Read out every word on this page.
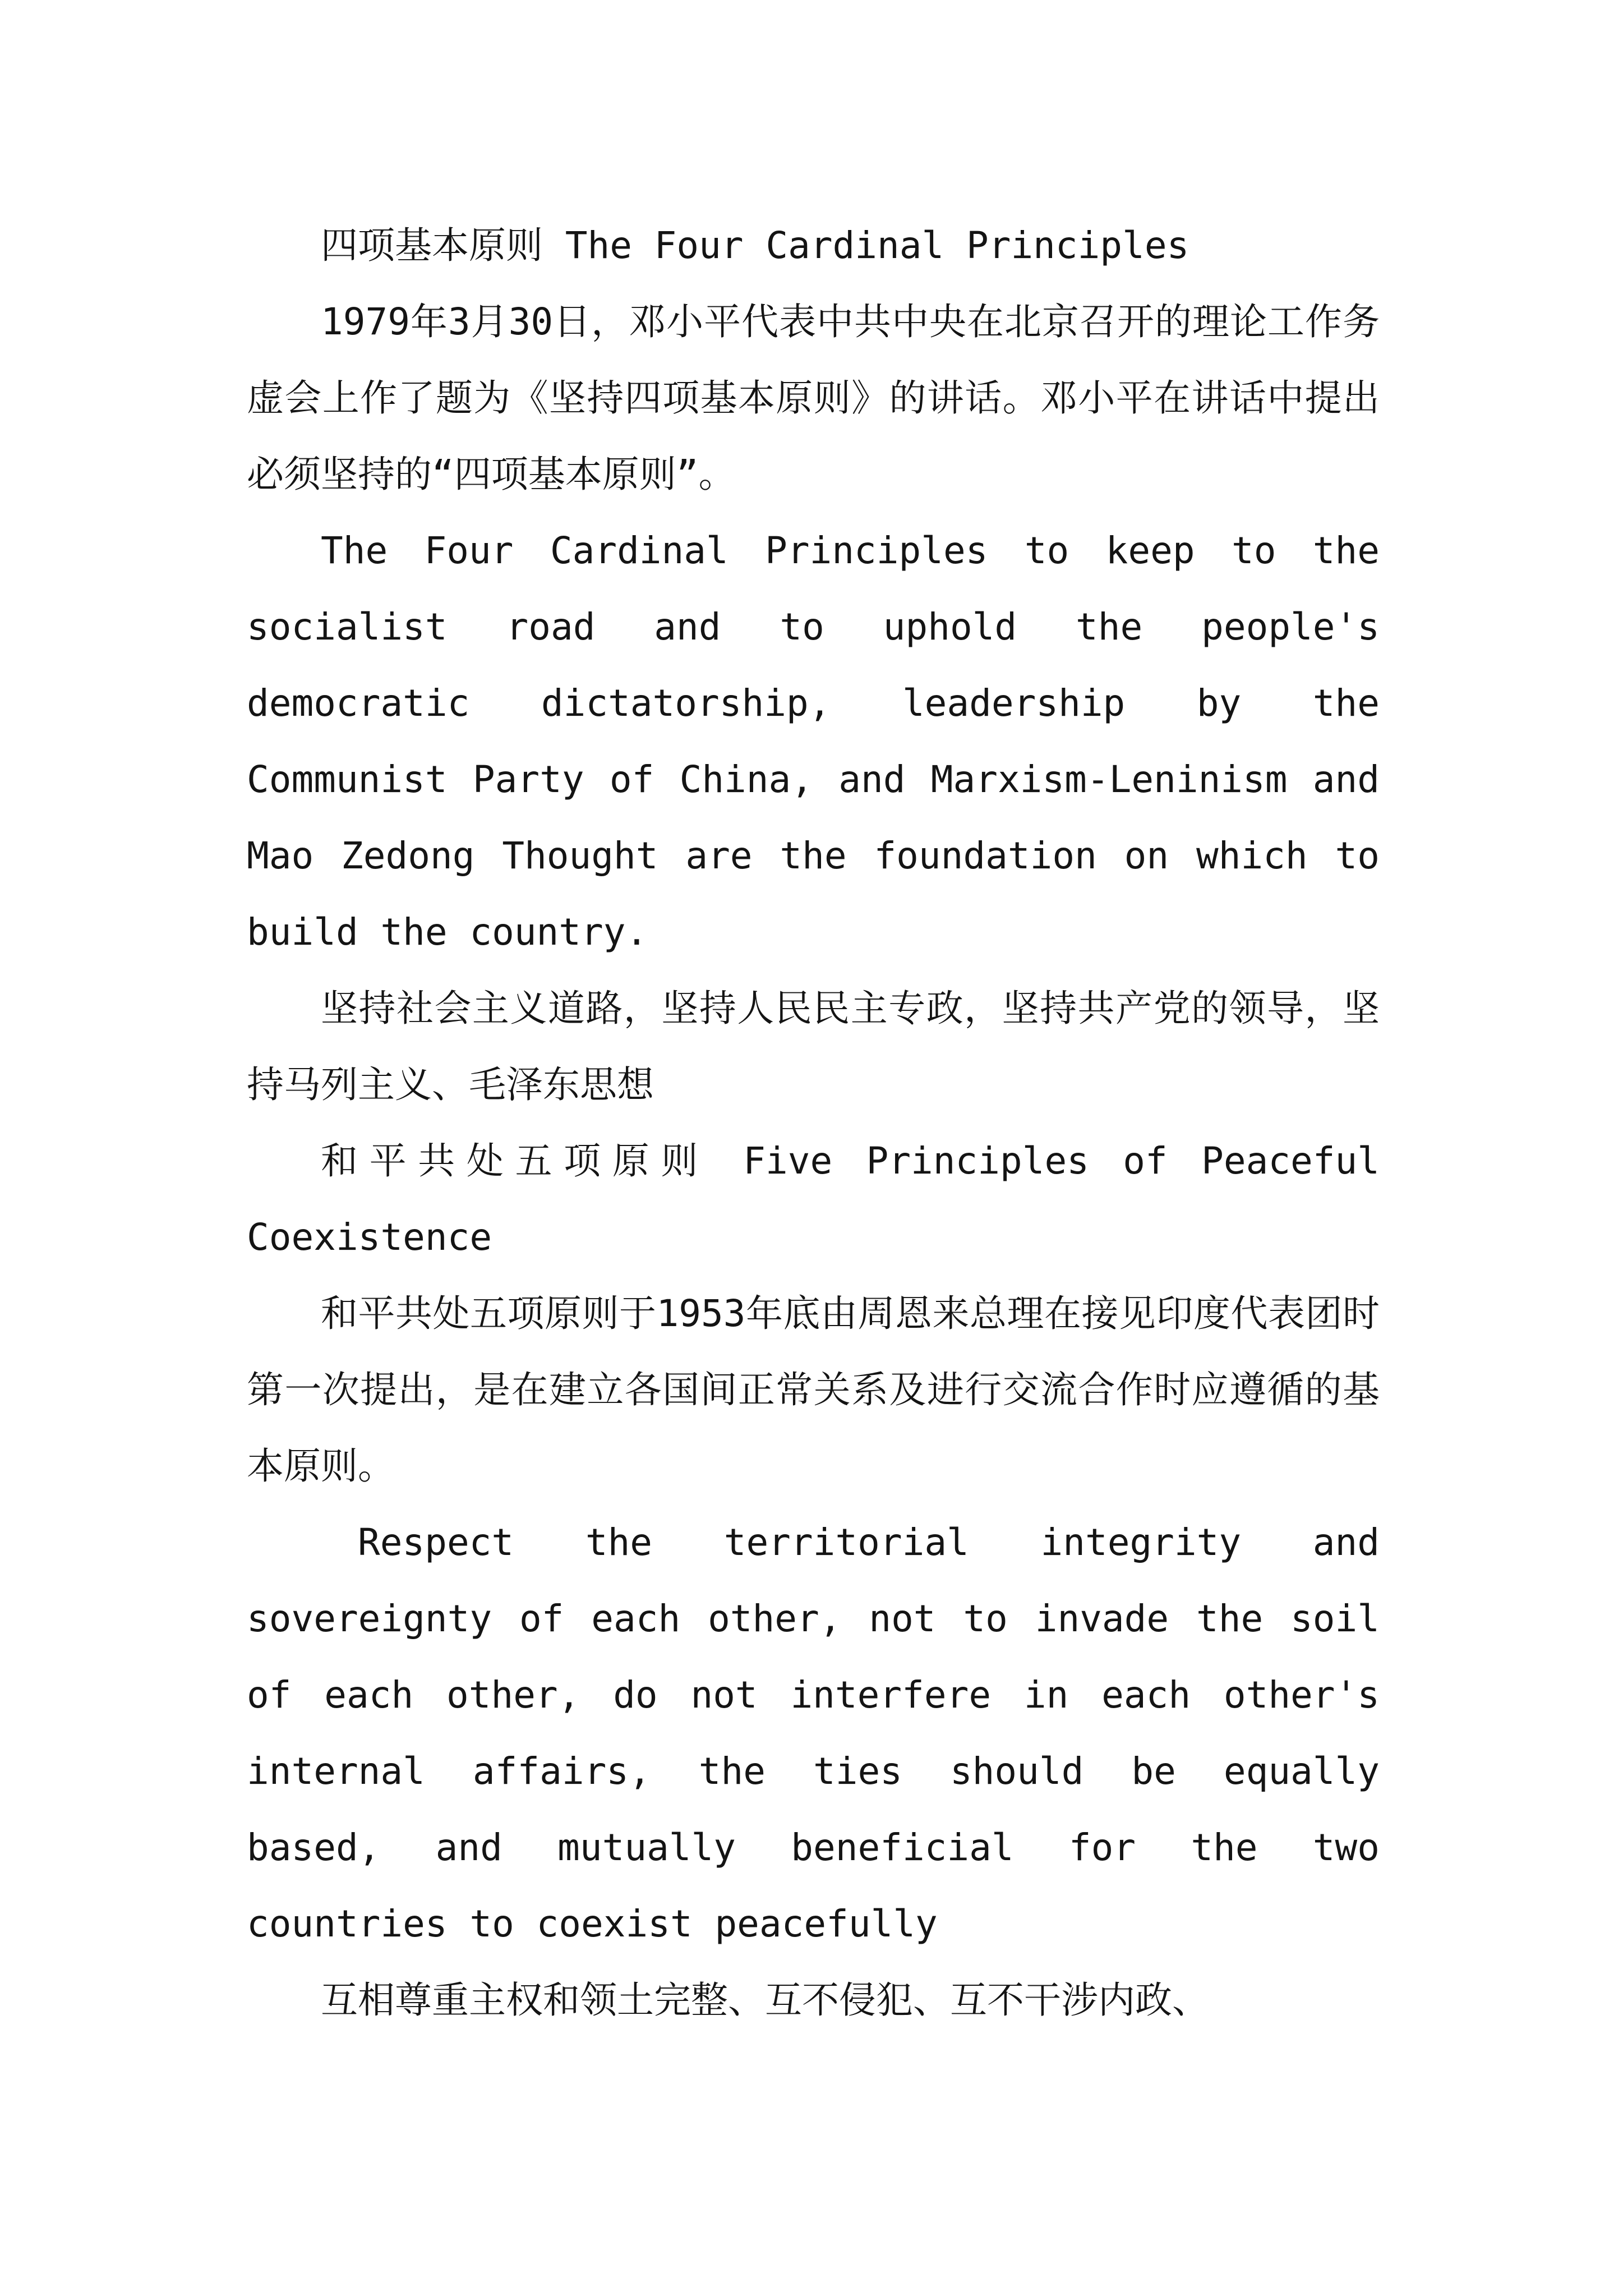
四项基本原则 The Four Cardinal Principles

1979年3月30日，邓小平代表中共中央在北京召开的理论工作务虚会上作了题为《坚持四项基本原则》的讲话。邓小平在讲话中提出必须坚持的“四项基本原则”。

The Four Cardinal Principles to keep to the socialist road and to uphold the people's democratic dictatorship, leadership by the Communist Party of China, and Marxism-Leninism and Mao Zedong Thought are the foundation on which to build the country.

坚持社会主义道路，坚持人民民主专政，坚持共产党的领导，坚持马列主义、毛泽东思想

和平共处五项原则 Five Principles of Peaceful Coexistence

和平共处五项原则于1953年底由周恩来总理在接见印度代表团时第一次提出，是在建立各国间正常关系及进行交流合作时应遵循的基本原则。

Respect the territorial integrity and sovereignty of each other, not to invade the soil of each other, do not interfere in each other's internal affairs, the ties should be equally based, and mutually beneficial for the two countries to coexist peacefully

互相尊重主权和领土完整、互不侵犯、互不干涉内政、
